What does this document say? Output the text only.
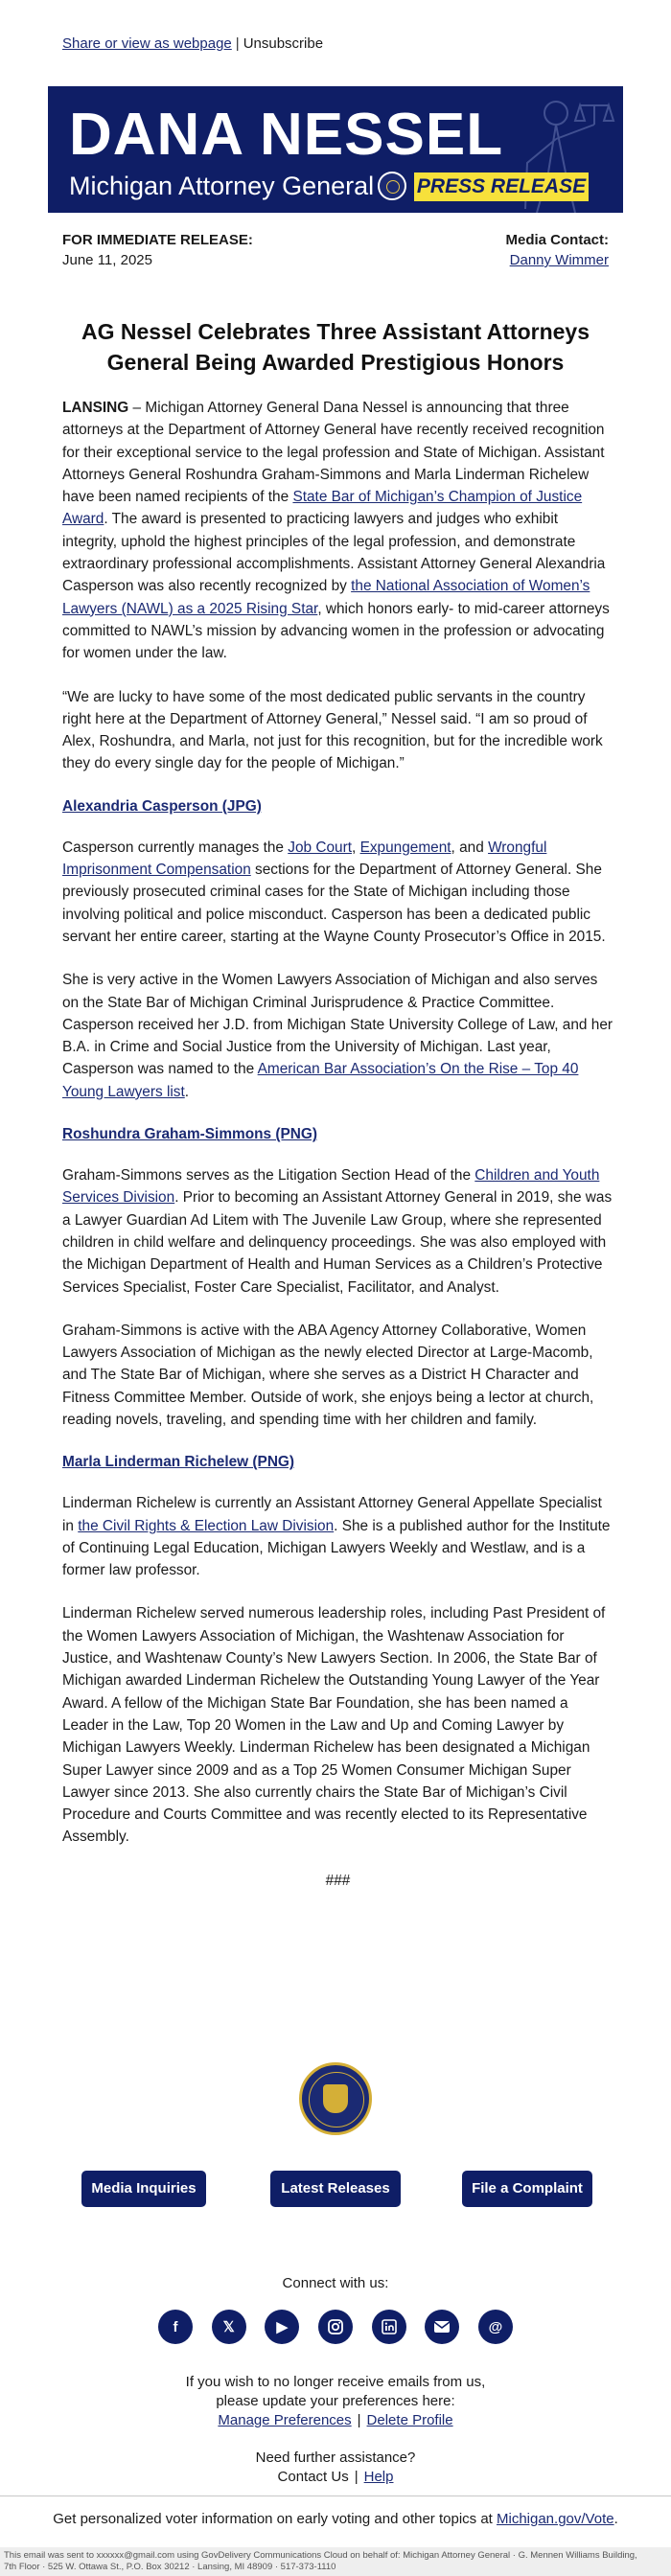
Share or view as webpage | Unsubscribe
DANA NESSEL
Michigan Attorney General PRESS RELEASE
FOR IMMEDIATE RELEASE:
June 11, 2025
Media Contact:
Danny Wimmer
AG Nessel Celebrates Three Assistant Attorneys General Being Awarded Prestigious Honors

LANSING – Michigan Attorney General Dana Nessel is announcing that three attorneys at the Department of Attorney General have recently received recognition for their exceptional service to the legal profession and State of Michigan. Assistant Attorneys General Roshundra Graham-Simmons and Marla Linderman Richelew have been named recipients of the State Bar of Michigan’s Champion of Justice Award. The award is presented to practicing lawyers and judges who exhibit integrity, uphold the highest principles of the legal profession, and demonstrate extraordinary professional accomplishments. Assistant Attorney General Alexandria Casperson was also recently recognized by the National Association of Women’s Lawyers (NAWL) as a 2025 Rising Star, which honors early- to mid-career attorneys committed to NAWL’s mission by advancing women in the profession or advocating for women under the law.

“We are lucky to have some of the most dedicated public servants in the country right here at the Department of Attorney General,” Nessel said. “I am so proud of Alex, Roshundra, and Marla, not just for this recognition, but for the incredible work they do every single day for the people of Michigan.”

Alexandria Casperson (JPG)

Casperson currently manages the Job Court, Expungement, and Wrongful Imprisonment Compensation sections for the Department of Attorney General. She previously prosecuted criminal cases for the State of Michigan including those involving political and police misconduct. Casperson has been a dedicated public servant her entire career, starting at the Wayne County Prosecutor’s Office in 2015.

She is very active in the Women Lawyers Association of Michigan and also serves on the State Bar of Michigan Criminal Jurisprudence & Practice Committee. Casperson received her J.D. from Michigan State University College of Law, and her B.A. in Crime and Social Justice from the University of Michigan. Last year, Casperson was named to the American Bar Association’s On the Rise – Top 40 Young Lawyers list.

Roshundra Graham-Simmons (PNG)

Graham-Simmons serves as the Litigation Section Head of the Children and Youth Services Division. Prior to becoming an Assistant Attorney General in 2019, she was a Lawyer Guardian Ad Litem with The Juvenile Law Group, where she represented children in child welfare and delinquency proceedings. She was also employed with the Michigan Department of Health and Human Services as a Children’s Protective Services Specialist, Foster Care Specialist, Facilitator, and Analyst.

Graham-Simmons is active with the ABA Agency Attorney Collaborative, Women Lawyers Association of Michigan as the newly elected Director at Large-Macomb, and The State Bar of Michigan, where she serves as a District H Character and Fitness Committee Member. Outside of work, she enjoys being a lector at church, reading novels, traveling, and spending time with her children and family.

Marla Linderman Richelew (PNG)

Linderman Richelew is currently an Assistant Attorney General Appellate Specialist in the Civil Rights & Election Law Division. She is a published author for the Institute of Continuing Legal Education, Michigan Lawyers Weekly and Westlaw, and is a former law professor.

Linderman Richelew served numerous leadership roles, including Past President of the Women Lawyers Association of Michigan, the Washtenaw Association for Justice, and Washtenaw County’s New Lawyers Section. In 2006, the State Bar of Michigan awarded Linderman Richelew the Outstanding Young Lawyer of the Year Award. A fellow of the Michigan State Bar Foundation, she has been named a Leader in the Law, Top 20 Women in the Law and Up and Coming Lawyer by Michigan Lawyers Weekly. Linderman Richelew has been designated a Michigan Super Lawyer since 2009 and as a Top 25 Women Consumer Michigan Super Lawyer since 2013. She also currently chairs the State Bar of Michigan’s Civil Procedure and Courts Committee and was recently elected to its Representative Assembly.

###
Media Inquiries	Latest Releases	File a Complaint
Connect with us:
f	𝕏	▶	@
If you wish to no longer receive emails from us,
please update your preferences here:
Manage Preferences | Delete Profile
Need further assistance?
Contact Us | Help
Get personalized voter information on early voting and other topics at Michigan.gov/Vote.
This email was sent to xxxxxx@gmail.com using GovDelivery Communications Cloud on behalf of: Michigan Attorney General · G. Mennen Williams Building,
7th Floor · 525 W. Ottawa St., P.O. Box 30212 · Lansing, MI 48909 · 517-373-1110
